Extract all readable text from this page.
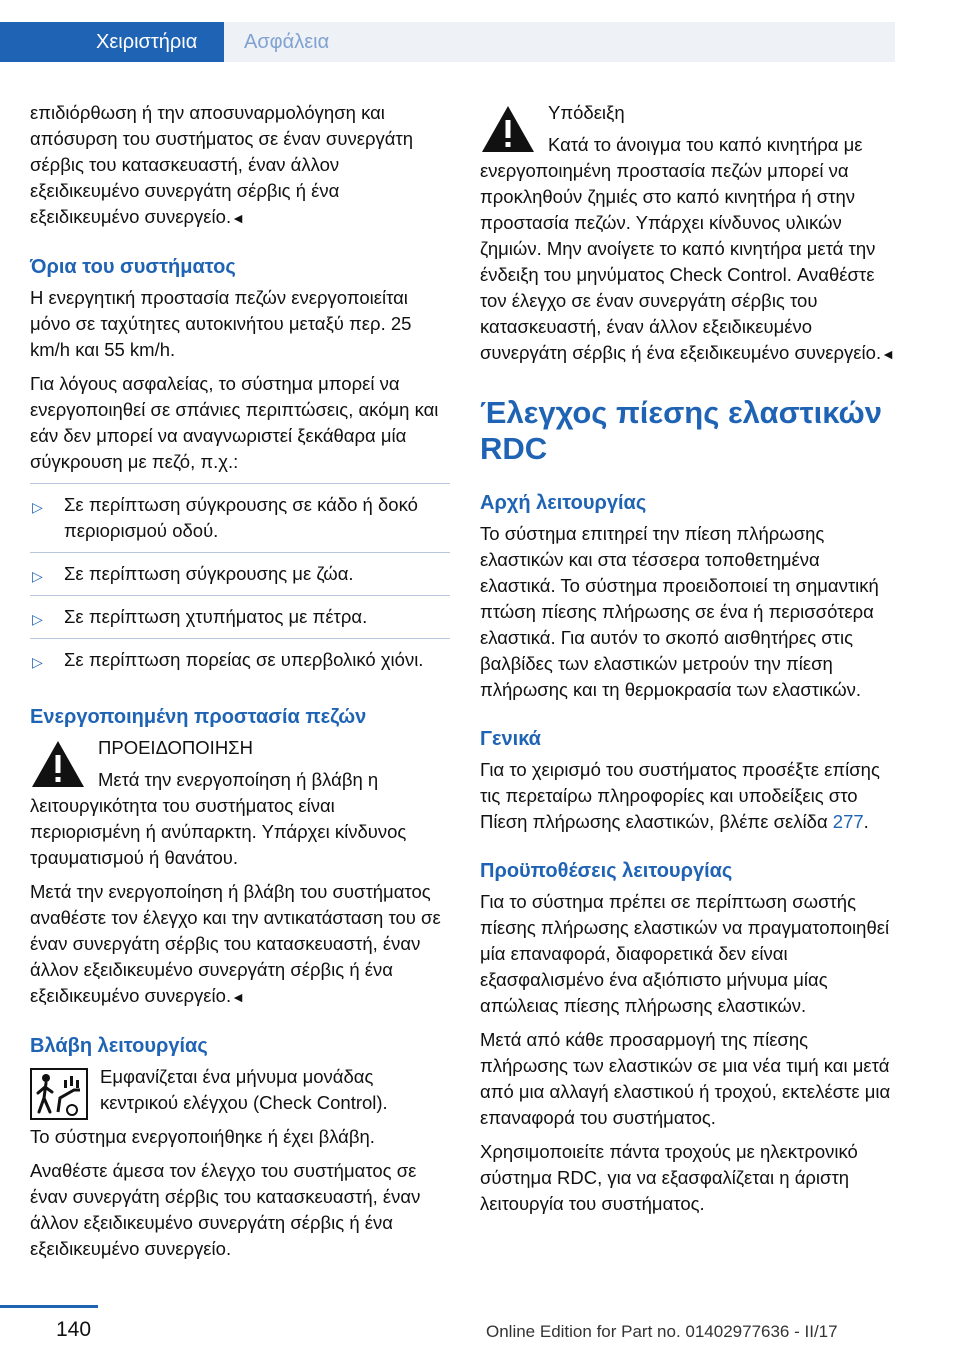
Χειριστήρια	Ασφάλεια

επιδιόρθωση ή την αποσυναρμολόγηση και απόσυρση του συστήματος σε έναν συνεργάτη σέρβις του κατασκευαστή, έναν άλλον εξειδικευμένο συνεργάτη σέρβις ή ένα εξειδικευμένο συνεργείο.◄

Όρια του συστήματος

Η ενεργητική προστασία πεζών ενεργοποιείται μόνο σε ταχύτητες αυτοκινήτου μεταξύ περ. 25 km/h και 55 km/h.

Για λόγους ασφαλείας, το σύστημα μπορεί να ενεργοποιηθεί σε σπάνιες περιπτώσεις, ακόμη και εάν δεν μπορεί να αναγνωριστεί ξεκάθαρα μία σύγκρουση με πεζό, π.χ.:

▷ Σε περίπτωση σύγκρουσης σε κάδο ή δοκό περιορισμού οδού.
▷ Σε περίπτωση σύγκρουσης με ζώα.
▷ Σε περίπτωση χτυπήματος με πέτρα.
▷ Σε περίπτωση πορείας σε υπερβολικό χιόνι.
Ενεργοποιημένη προστασία πεζών

ΠΡΟΕΙΔΟΠΟΙΗΣΗ

Μετά την ενεργοποίηση ή βλάβη η λειτουργικότητα του συστήματος είναι περιορισμένη ή ανύπαρκτη. Υπάρχει κίνδυνος τραυματισμού ή θανάτου.

Μετά την ενεργοποίηση ή βλάβη του συστήματος αναθέστε τον έλεγχο και την αντικατάσταση του σε έναν συνεργάτη σέρβις του κατασκευαστή, έναν άλλον εξειδικευμένο συνεργάτη σέρβις ή ένα εξειδικευμένο συνεργείο.◄

Βλάβη λειτουργίας

Εμφανίζεται ένα μήνυμα μονάδας κεντρικού ελέγχου (Check Control).

Το σύστημα ενεργοποιήθηκε ή έχει βλάβη.

Αναθέστε άμεσα τον έλεγχο του συστήματος σε έναν συνεργάτη σέρβις του κατασκευαστή, έναν άλλον εξειδικευμένο συνεργάτη σέρβις ή ένα εξειδικευμένο συνεργείο.

Υπόδειξη

Κατά το άνοιγμα του καπό κινητήρα με ενεργοποιημένη προστασία πεζών μπορεί να προκληθούν ζημιές στο καπό κινητήρα ή στην προστασία πεζών. Υπάρχει κίνδυνος υλικών ζημιών. Μην ανοίγετε το καπό κινητήρα μετά την ένδειξη του μηνύματος Check Control. Αναθέστε τον έλεγχο σε έναν συνεργάτη σέρβις του κατασκευαστή, έναν άλλον εξειδικευμένο συνεργάτη σέρβις ή ένα εξειδικευμένο συνεργείο.◄

Έλεγχος πίεσης ελαστικών RDC
Αρχή λειτουργίας

Το σύστημα επιτηρεί την πίεση πλήρωσης ελαστικών και στα τέσσερα τοποθετημένα ελαστικά. Το σύστημα προειδοποιεί τη σημαντική πτώση πίεσης πλήρωσης σε ένα ή περισσότερα ελαστικά. Για αυτόν το σκοπό αισθητήρες στις βαλβίδες των ελαστικών μετρούν την πίεση πλήρωσης και τη θερμοκρασία των ελαστικών.

Γενικά

Για το χειρισμό του συστήματος προσέξτε επίσης τις περεταίρω πληροφορίες και υποδείξεις στο Πίεση πλήρωσης ελαστικών, βλέπε σελίδα 277.

Προϋποθέσεις λειτουργίας

Για το σύστημα πρέπει σε περίπτωση σωστής πίεσης πλήρωσης ελαστικών να πραγματοποιηθεί μία επαναφορά, διαφορετικά δεν είναι εξασφαλισμένο ένα αξιόπιστο μήνυμα μίας απώλειας πίεσης πλήρωσης ελαστικών.

Μετά από κάθε προσαρμογή της πίεσης πλήρωσης των ελαστικών σε μια νέα τιμή και μετά από μια αλλαγή ελαστικού ή τροχού, εκτελέστε μια επαναφορά του συστήματος.

Χρησιμοποιείτε πάντα τροχούς με ηλεκτρονικό σύστημα RDC, για να εξασφαλίζεται η άριστη λειτουργία του συστήματος.

140	Online Edition for Part no. 01402977636 - II/17
